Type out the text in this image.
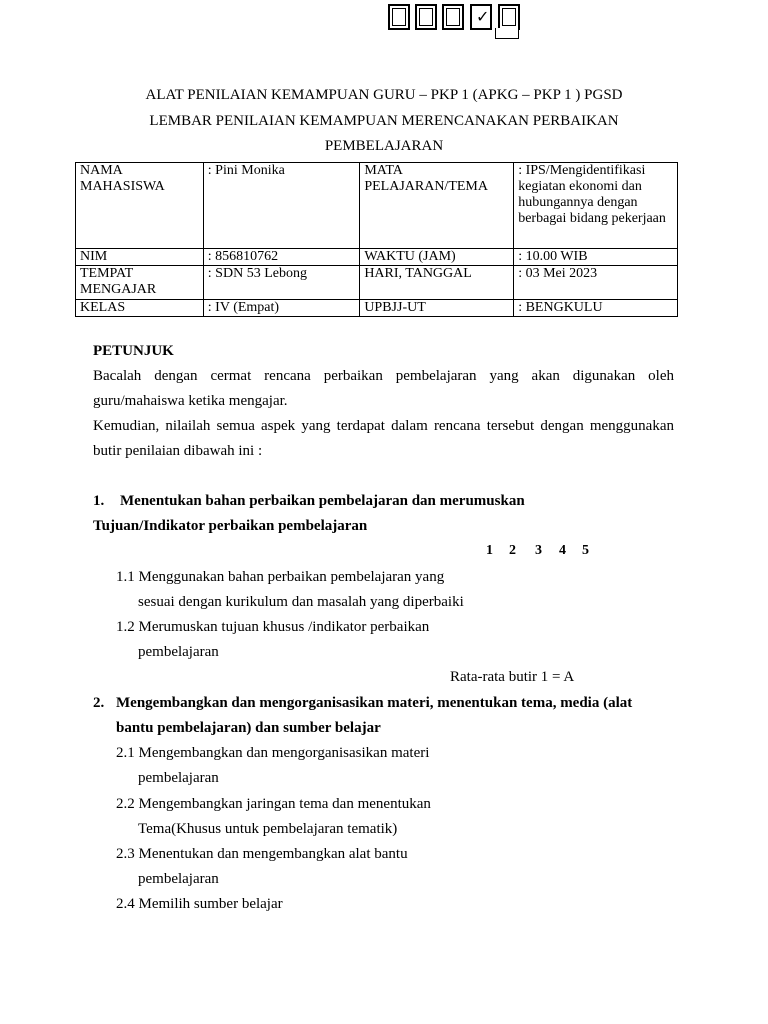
✓
ALAT PENILAIAN KEMAMPUAN GURU – PKP 1 (APKG – PKP 1 ) PGSD
LEMBAR PENILAIAN KEMAMPUAN MERENCANAKAN PERBAIKAN
PEMBELAJARAN
NAMA MAHASISWA	: Pini Monika	MATA PELAJARAN/TEMA	: IPS/Mengidentifikasi kegiatan ekonomi dan hubungannya dengan berbagai bidang pekerjaan
NIM	: 856810762	WAKTU (JAM)	: 10.00 WIB
TEMPAT MENGAJAR	: SDN 53 Lebong	HARI, TANGGAL	: 03 Mei 2023
KELAS	: IV (Empat)	UPBJJ-UT	: BENGKULU
PETUNJUK
Bacalah dengan cermat rencana perbaikan pembelajaran yang akan digunakan oleh
guru/mahaiswa ketika mengajar.
Kemudian, nilailah semua aspek yang terdapat dalam rencana tersebut dengan menggunakan
butir penilaian dibawah ini :
1. Menentukan bahan perbaikan pembelajaran dan merumuskan
Tujuan/Indikator perbaikan pembelajaran
1 2 3 4 5
1.1 Menggunakan bahan perbaikan pembelajaran yang
sesuai dengan kurikulum dan masalah yang diperbaiki
1.2 Merumuskan tujuan khusus /indikator perbaikan
pembelajaran
Rata-rata butir 1 = A
2. Mengembangkan dan mengorganisasikan materi, menentukan tema, media (alat
bantu pembelajaran) dan sumber belajar
2.1 Mengembangkan dan mengorganisasikan materi
pembelajaran
2.2 Mengembangkan jaringan tema dan menentukan
Tema(Khusus untuk pembelajaran tematik)
2.3 Menentukan dan mengembangkan alat bantu
pembelajaran
2.4 Memilih sumber belajar
